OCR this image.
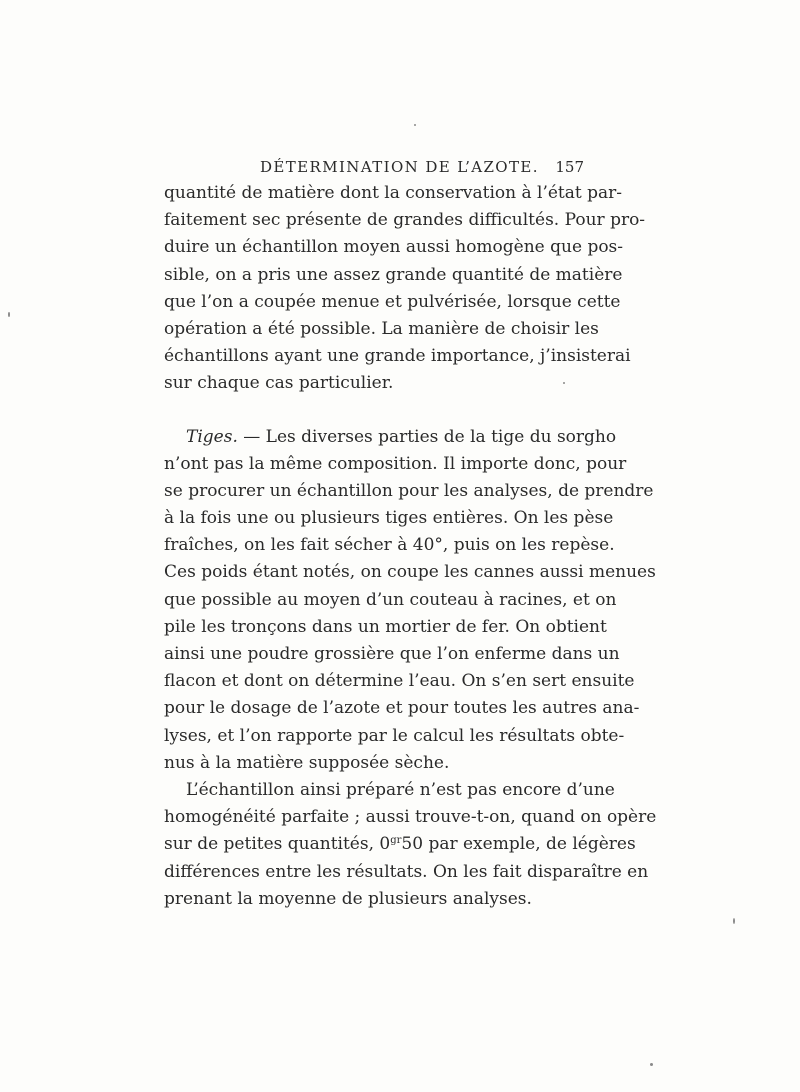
DÉTERMINATION DE L’AZOTE. 157
quantité de matière dont la conservation à l’état par-
faitement sec présente de grandes difficultés. Pour pro-
duire un échantillon moyen aussi homogène que pos-
sible, on a pris une assez grande quantité de matière
que l’on a coupée menue et pulvérisée, lorsque cette
opération a été possible. La manière de choisir les
échantillons ayant une grande importance, j’insisterai
sur chaque cas particulier.
Tiges. — Les diverses parties de la tige du sorgho
n’ont pas la même composition. Il importe donc, pour
se procurer un échantillon pour les analyses, de prendre
à la fois une ou plusieurs tiges entières. On les pèse
fraîches, on les fait sécher à 40°, puis on les repèse.
Ces poids étant notés, on coupe les cannes aussi menues
que possible au moyen d’un couteau à racines, et on
pile les tronçons dans un mortier de fer. On obtient
ainsi une poudre grossière que l’on enferme dans un
flacon et dont on détermine l’eau. On s’en sert ensuite
pour le dosage de l’azote et pour toutes les autres ana-
lyses, et l’on rapporte par le calcul les résultats obte-
nus à la matière supposée sèche.
L’échantillon ainsi préparé n’est pas encore d’une
homogénéité parfaite ; aussi trouve-t-on, quand on opère
sur de petites quantités, $0^{gr}50$ par exemple, de légères
différences entre les résultats. On les fait disparaître en
prenant la moyenne de plusieurs analyses.
